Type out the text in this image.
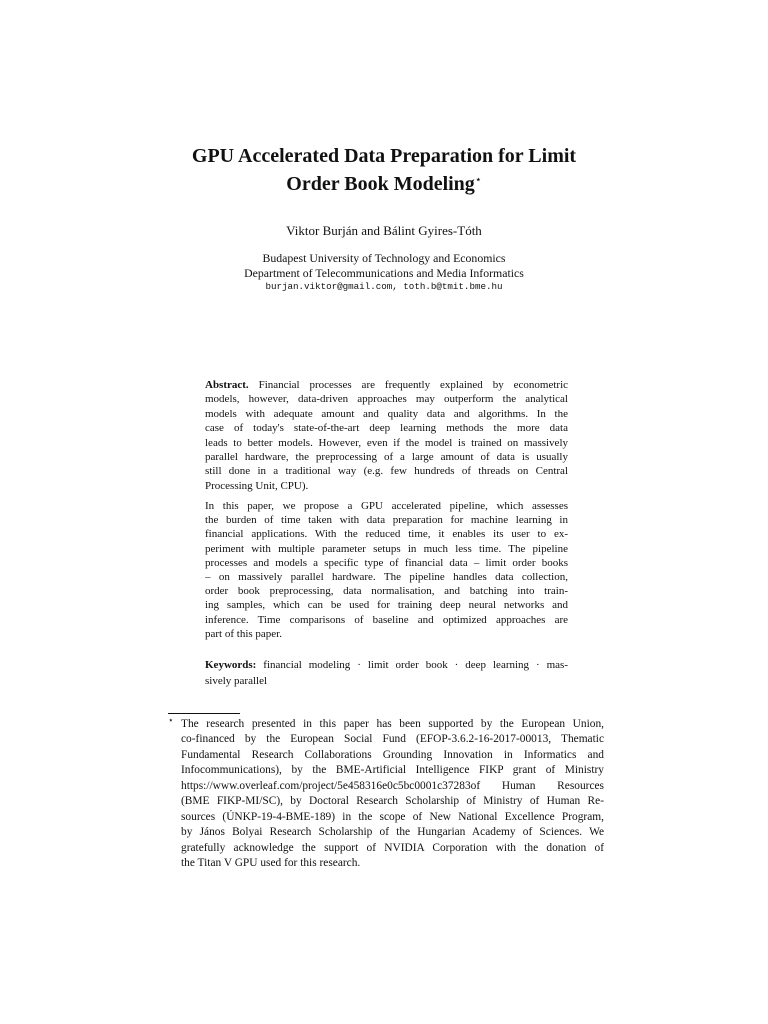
GPU Accelerated Data Preparation for Limit
Order Book Modeling⋆
Viktor Burján and Bálint Gyires-Tóth
Budapest University of Technology and Economics
Department of Telecommunications and Media Informatics
burjan.viktor@gmail.com, toth.b@tmit.bme.hu
Abstract. Financial processes are frequently explained by econometric
models, however, data-driven approaches may outperform the analytical
models with adequate amount and quality data and algorithms. In the
case of today's state-of-the-art deep learning methods the more data
leads to better models. However, even if the model is trained on massively
parallel hardware, the preprocessing of a large amount of data is usually
still done in a traditional way (e.g. few hundreds of threads on Central
Processing Unit, CPU).
In this paper, we propose a GPU accelerated pipeline, which assesses
the burden of time taken with data preparation for machine learning in
financial applications. With the reduced time, it enables its user to ex-
periment with multiple parameter setups in much less time. The pipeline
processes and models a specific type of financial data – limit order books
– on massively parallel hardware. The pipeline handles data collection,
order book preprocessing, data normalisation, and batching into train-
ing samples, which can be used for training deep neural networks and
inference. Time comparisons of baseline and optimized approaches are
part of this paper.
Keywords: financial modeling · limit order book · deep learning · mas-
sively parallel
⋆ The research presented in this paper has been supported by the European Union,
co-financed by the European Social Fund (EFOP-3.6.2-16-2017-00013, Thematic
Fundamental Research Collaborations Grounding Innovation in Informatics and
Infocommunications), by the BME-Artificial Intelligence FIKP grant of Ministry
https://www.overleaf.com/project/5e458316e0c5bc0001c37283of Human Resources
(BME FIKP-MI/SC), by Doctoral Research Scholarship of Ministry of Human Re-
sources (ÚNKP-19-4-BME-189) in the scope of New National Excellence Program,
by János Bolyai Research Scholarship of the Hungarian Academy of Sciences. We
gratefully acknowledge the support of NVIDIA Corporation with the donation of
the Titan V GPU used for this research.
